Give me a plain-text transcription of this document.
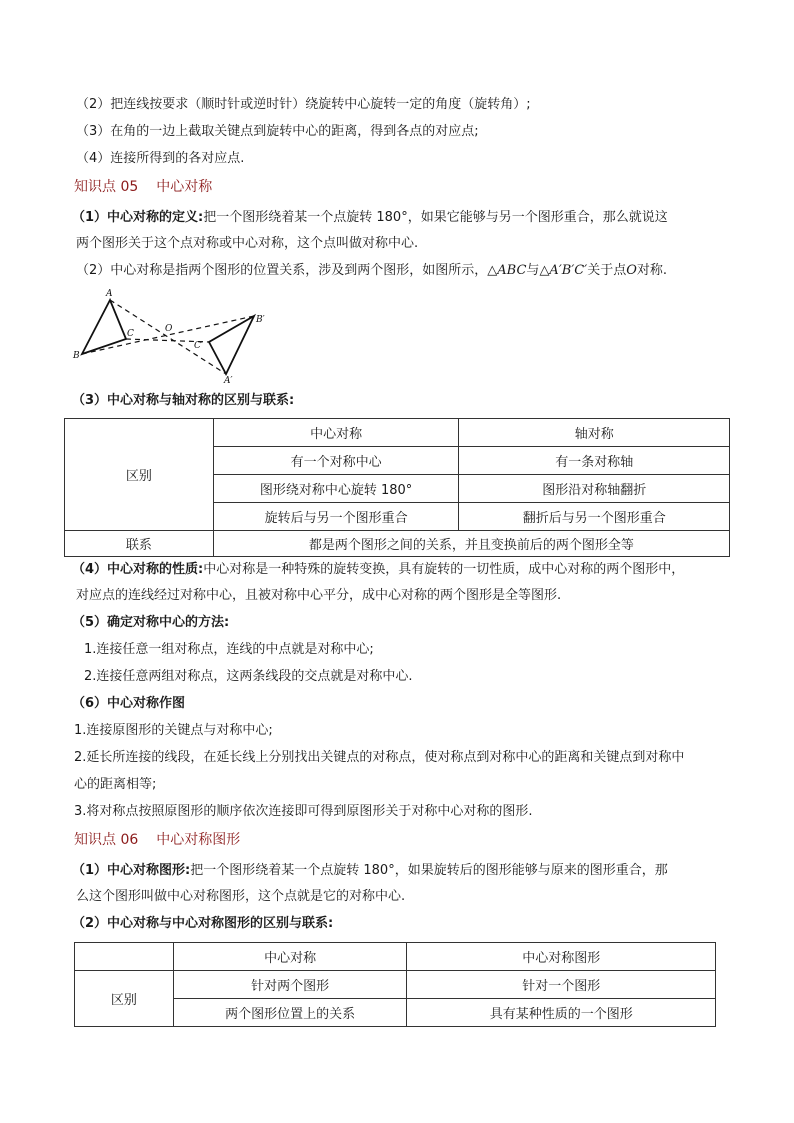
（2）把连线按要求（顺时针或逆时针）绕旋转中心旋转一定的角度（旋转角）;
（3）在角的一边上截取关键点到旋转中心的距离，得到各点的对应点;
（4）连接所得到的各对应点.
知识点 05 中心对称
（1）中心对称的定义:把一个图形绕着某一个点旋转 180°，如果它能够与另一个图形重合，那么就说这
两个图形关于这个点对称或中心对称，这个点叫做对称中心.
（2）中心对称是指两个图形的位置关系，涉及到两个图形，如图所示，△ABC与△A′B′C′关于点O对称.
A
B
C	O
A′
B′
C′
（3）中心对称与轴对称的区别与联系:
区别	中心对称	轴对称
	有一个对称中心	有一条对称轴
	图形绕对称中心旋转 180°	图形沿对称轴翻折
	旋转后与另一个图形重合	翻折后与另一个图形重合
联系	都是两个图形之间的关系，并且变换前后的两个图形全等	
（4）中心对称的性质:中心对称是一种特殊的旋转变换，具有旋转的一切性质，成中心对称的两个图形中，
对应点的连线经过对称中心，且被对称中心平分，成中心对称的两个图形是全等图形.
（5）确定对称中心的方法:
1.连接任意一组对称点，连线的中点就是对称中心;
2.连接任意两组对称点，这两条线段的交点就是对称中心.
（6）中心对称作图
1.连接原图形的关键点与对称中心;
2.延长所连接的线段，在延长线上分别找出关键点的对称点，使对称点到对称中心的距离和关键点到对称中
心的距离相等;
3.将对称点按照原图形的顺序依次连接即可得到原图形关于对称中心对称的图形.
知识点 06 中心对称图形
（1）中心对称图形:把一个图形绕着某一个点旋转 180°，如果旋转后的图形能够与原来的图形重合，那
么这个图形叫做中心对称图形，这个点就是它的对称中心.
（2）中心对称与中心对称图形的区别与联系:
	中心对称	中心对称图形
区别	针对两个图形	针对一个图形
	两个图形位置上的关系	具有某种性质的一个图形
